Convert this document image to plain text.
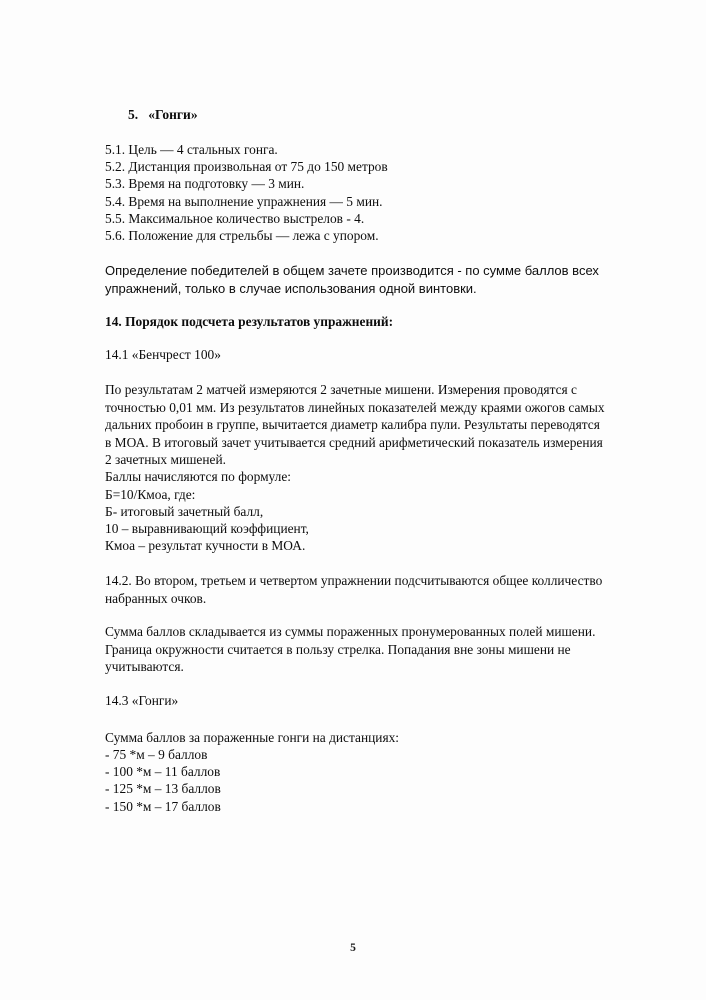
5.   «Гонги»
5.1. Цель — 4 стальных гонга.
5.2. Дистанция произвольная от 75 до 150 метров
5.3. Время на подготовку — 3 мин.
5.4. Время на выполнение упражнения — 5 мин.
5.5. Максимальное количество выстрелов - 4.
5.6. Положение для стрельбы — лежа с упором.
Определение победителей в общем зачете производится - по сумме баллов всех упражнений, только в случае использования одной винтовки.
14. Порядок подсчета результатов упражнений:
14.1 «Бенчрест 100»
По результатам 2 матчей измеряются 2 зачетные мишени. Измерения проводятся с точностью 0,01 мм. Из результатов линейных показателей между краями ожогов самых дальних пробоин в группе, вычитается диаметр калибра пули. Результаты переводятся в МОА. В итоговый зачет учитывается средний арифметический показатель измерения 2 зачетных мишеней.
Баллы начисляются по формуле:
Б=10/Кмоа, где:
Б- итоговый зачетный балл,
10 – выравнивающий коэффициент,
Кмоа – результат кучности в МОА.
14.2. Во втором, третьем и четвертом упражнении подсчитываются общее колличество набранных очков.
Сумма баллов складывается из суммы пораженных пронумерованных полей мишени. Граница окружности считается в пользу стрелка. Попадания вне зоны мишени не учитываются.
14.3 «Гонги»
Сумма баллов за пораженные гонги на дистанциях:
- 75 *м – 9 баллов
- 100 *м – 11 баллов
- 125 *м – 13 баллов
- 150 *м – 17 баллов
5
